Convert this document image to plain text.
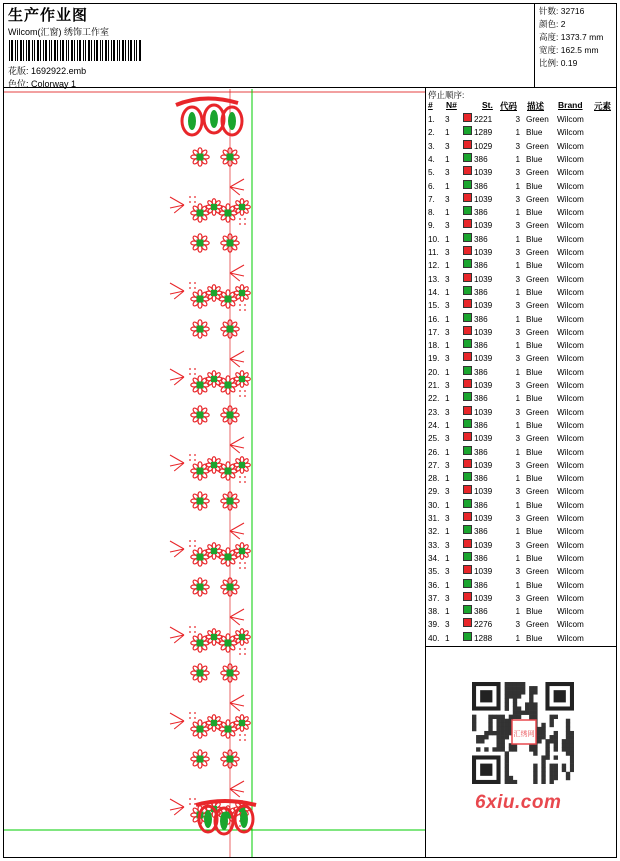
生产作业图
Wilcom(汇窗) 绣饰工作室
花版: 1692922.emb
色位: Colorway 1
针数: 32716
颜色: 2
高度: 1373.7 mm
宽度: 162.5 mm
比例: 0.19
停止顺序:
# N#	St. 代码 描述 Brand 元素
1. 3	2221	3 Green Wilcom
2. 1	1289	1 Blue Wilcom
3. 3	1029	3 Green Wilcom
4. 1	386	1 Blue Wilcom
5. 3	1039	3 Green Wilcom
6. 1	386	1 Blue Wilcom
7. 3	1039	3 Green Wilcom
8. 1	386	1 Blue Wilcom
9. 3	1039	3 Green Wilcom
10. 1	386	1 Blue Wilcom
11. 3	1039	3 Green Wilcom
12. 1	386	1 Blue Wilcom
13. 3	1039	3 Green Wilcom
14. 1	386	1 Blue Wilcom
15. 3	1039	3 Green Wilcom
16. 1	386	1 Blue Wilcom
17. 3	1039	3 Green Wilcom
18. 1	386	1 Blue Wilcom
19. 3	1039	3 Green Wilcom
20. 1	386	1 Blue Wilcom
21. 3	1039	3 Green Wilcom
22. 1	386	1 Blue Wilcom
23. 3	1039	3 Green Wilcom
24. 1	386	1 Blue Wilcom
25. 3	1039	3 Green Wilcom
26. 1	386	1 Blue Wilcom
27. 3	1039	3 Green Wilcom
28. 1	386	1 Blue Wilcom
29. 3	1039	3 Green Wilcom
30. 1	386	1 Blue Wilcom
31. 3	1039	3 Green Wilcom
32. 1	386	1 Blue Wilcom
33. 3	1039	3 Green Wilcom
34. 1	386	1 Blue Wilcom
35. 3	1039	3 Green Wilcom
36. 1	386	1 Blue Wilcom
37. 3	1039	3 Green Wilcom
38. 1	386	1 Blue Wilcom
39. 3	2276	3 Green Wilcom
40. 1	1288	1 Blue Wilcom
汇绣网
6xiu.com
